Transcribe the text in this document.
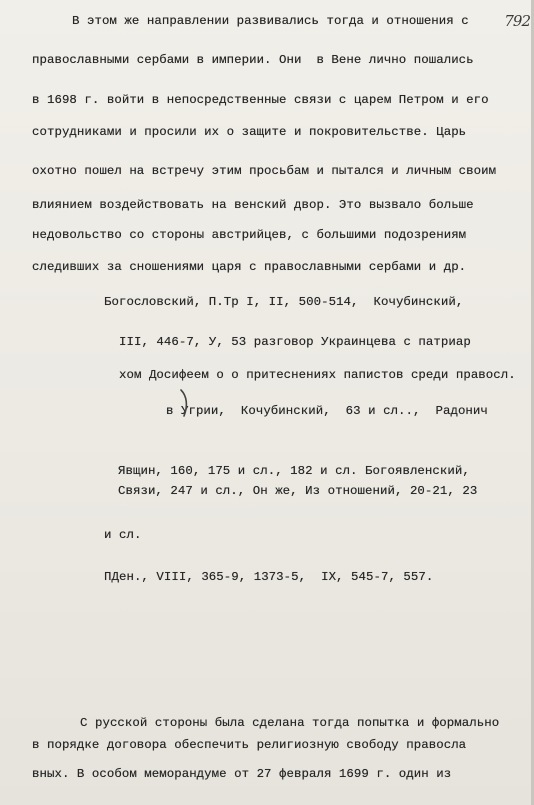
792
В этом же направлении развивались тогда и отношения с
православными сербами в империи. Они  в Вене лично пошались
в 1698 г. войти в непосредственные связи с царем Петром и его
сотрудниками и просили их о защите и покровительстве. Царь
охотно пошел на встречу этим просьбам и пытался и личным своим
влиянием воздействовать на венский двор. Это вызвало больше
недовольство со стороны австрийцев, с большими подозрениям
следивших за сношениями царя с православными сербами и др.
Богословский, П.Тр I, II, 500-514,  Кочубинский,
III, 446-7, У, 53 разговор Украинцева с патриар
хом Досифеем о о притеснениях папистов среди правосл.
в Угрии,  Кочубинский,  63 и сл..,  Радонич
Явщин, 160, 175 и сл., 182 и сл. Богоявленский,
Связи, 247 и сл., Он же, Из отношений, 20-21, 23
и сл.
ПДен., VIII, 365-9, 1373-5,  IX, 545-7, 557.
С русской стороны была сделана тогда попытка и формально
в порядке договора обеспечить религиозную свободу правосла
вных. В особом меморандуме от 27 февраля 1699 г. один из
